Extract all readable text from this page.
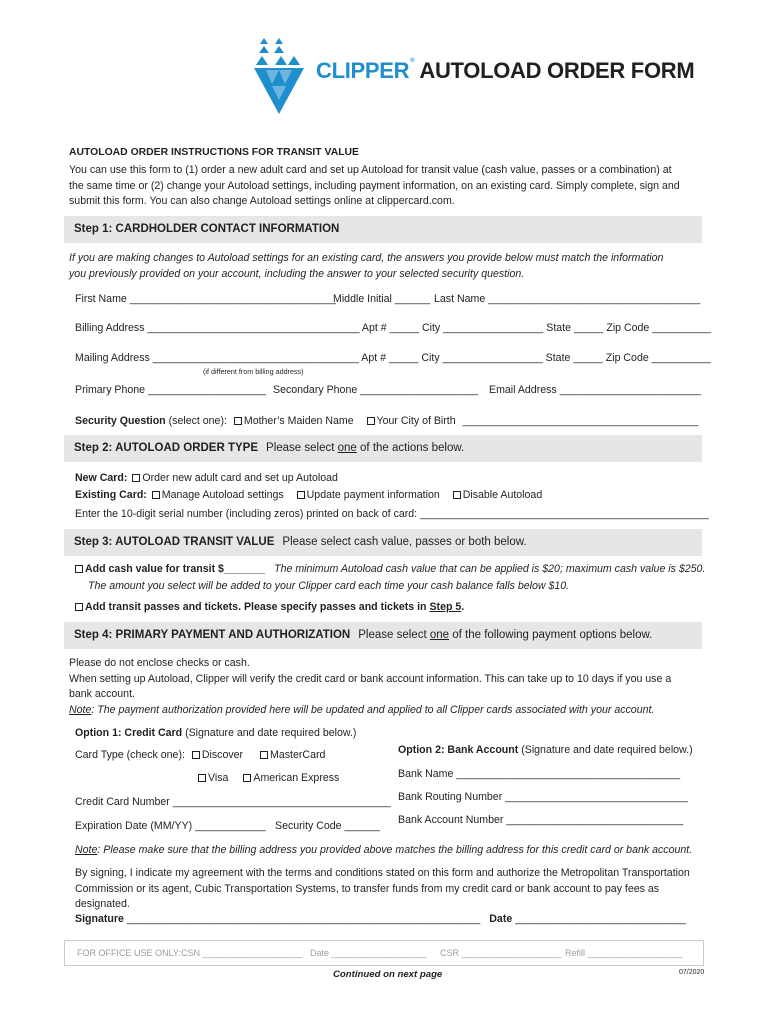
CLIPPER® AUTOLOAD ORDER FORM
AUTOLOAD ORDER INSTRUCTIONS FOR TRANSIT VALUE
You can use this form to (1) order a new adult card and set up Autoload for transit value (cash value, passes or a combination) at
the same time or (2) change your Autoload settings, including payment information, on an existing card. Simply complete, sign and
submit this form. You can also change Autoload settings online at clippercard.com.
Step 1: CARDHOLDER CONTACT INFORMATION
If you are making changes to Autoload settings for an existing card, the answers you provide below must match the information
you previously provided on your account, including the answer to your selected security question.
First Name ___________________________________
Middle Initial ______ Last Name ____________________________________
Billing Address ____________________________________ Apt # _____ City _________________ State _____ Zip Code __________
Mailing Address ___________________________________ Apt # _____ City _________________ State _____ Zip Code __________
(if different from billing address)
Primary Phone ____________________ Secondary Phone ____________________ Email Address ________________________
Security Question (select one): Mother’s Maiden Name Your City of Birth ________________________________________
Step 2: AUTOLOAD ORDER TYPE Please select one of the actions below.
New Card: Order new adult card and set up Autoload
Existing Card: Manage Autoload settings Update payment information Disable Autoload
Enter the 10-digit serial number (including zeros) printed on back of card: _________________________________________________
Step 3: AUTOLOAD TRANSIT VALUE Please select cash value, passes or both below.
Add cash value for transit $_______ The minimum Autoload cash value that can be applied is $20; maximum cash value is $250.
The amount you select will be added to your Clipper card each time your cash balance falls below $10.
Add transit passes and tickets. Please specify passes and tickets in Step 5.
Step 4: PRIMARY PAYMENT AND AUTHORIZATION Please select one of the following payment options below.
Please do not enclose checks or cash.
When setting up Autoload, Clipper will verify the credit card or bank account information. This can take up to 10 days if you use a
bank account.
Note: The payment authorization provided here will be updated and applied to all Clipper cards associated with your account.
Option 1: Credit Card (Signature and date required below.)
Card Type (check one): Discover	MasterCard
Visa American Express
Credit Card Number _____________________________________
Expiration Date (MM/YY) ____________ Security Code ______
Option 2: Bank Account (Signature and date required below.)
Bank Name ______________________________________
Bank Routing Number _______________________________
Bank Account Number ______________________________
Note: Please make sure that the billing address you provided above matches the billing address for this credit card or bank account.
By signing, I indicate my agreement with the terms and conditions stated on this form and authorize the Metropolitan Transportation
Commission or its agent, Cubic Transportation Systems, to transfer funds from my credit card or bank account to pay fees as designated.
Signature ____________________________________________________________ Date _____________________________
FOR OFFICE USE ONLY: CSN ____________________ Date ___________________ CSR ____________________ Refill ___________________
Continued on next page	07/2020
